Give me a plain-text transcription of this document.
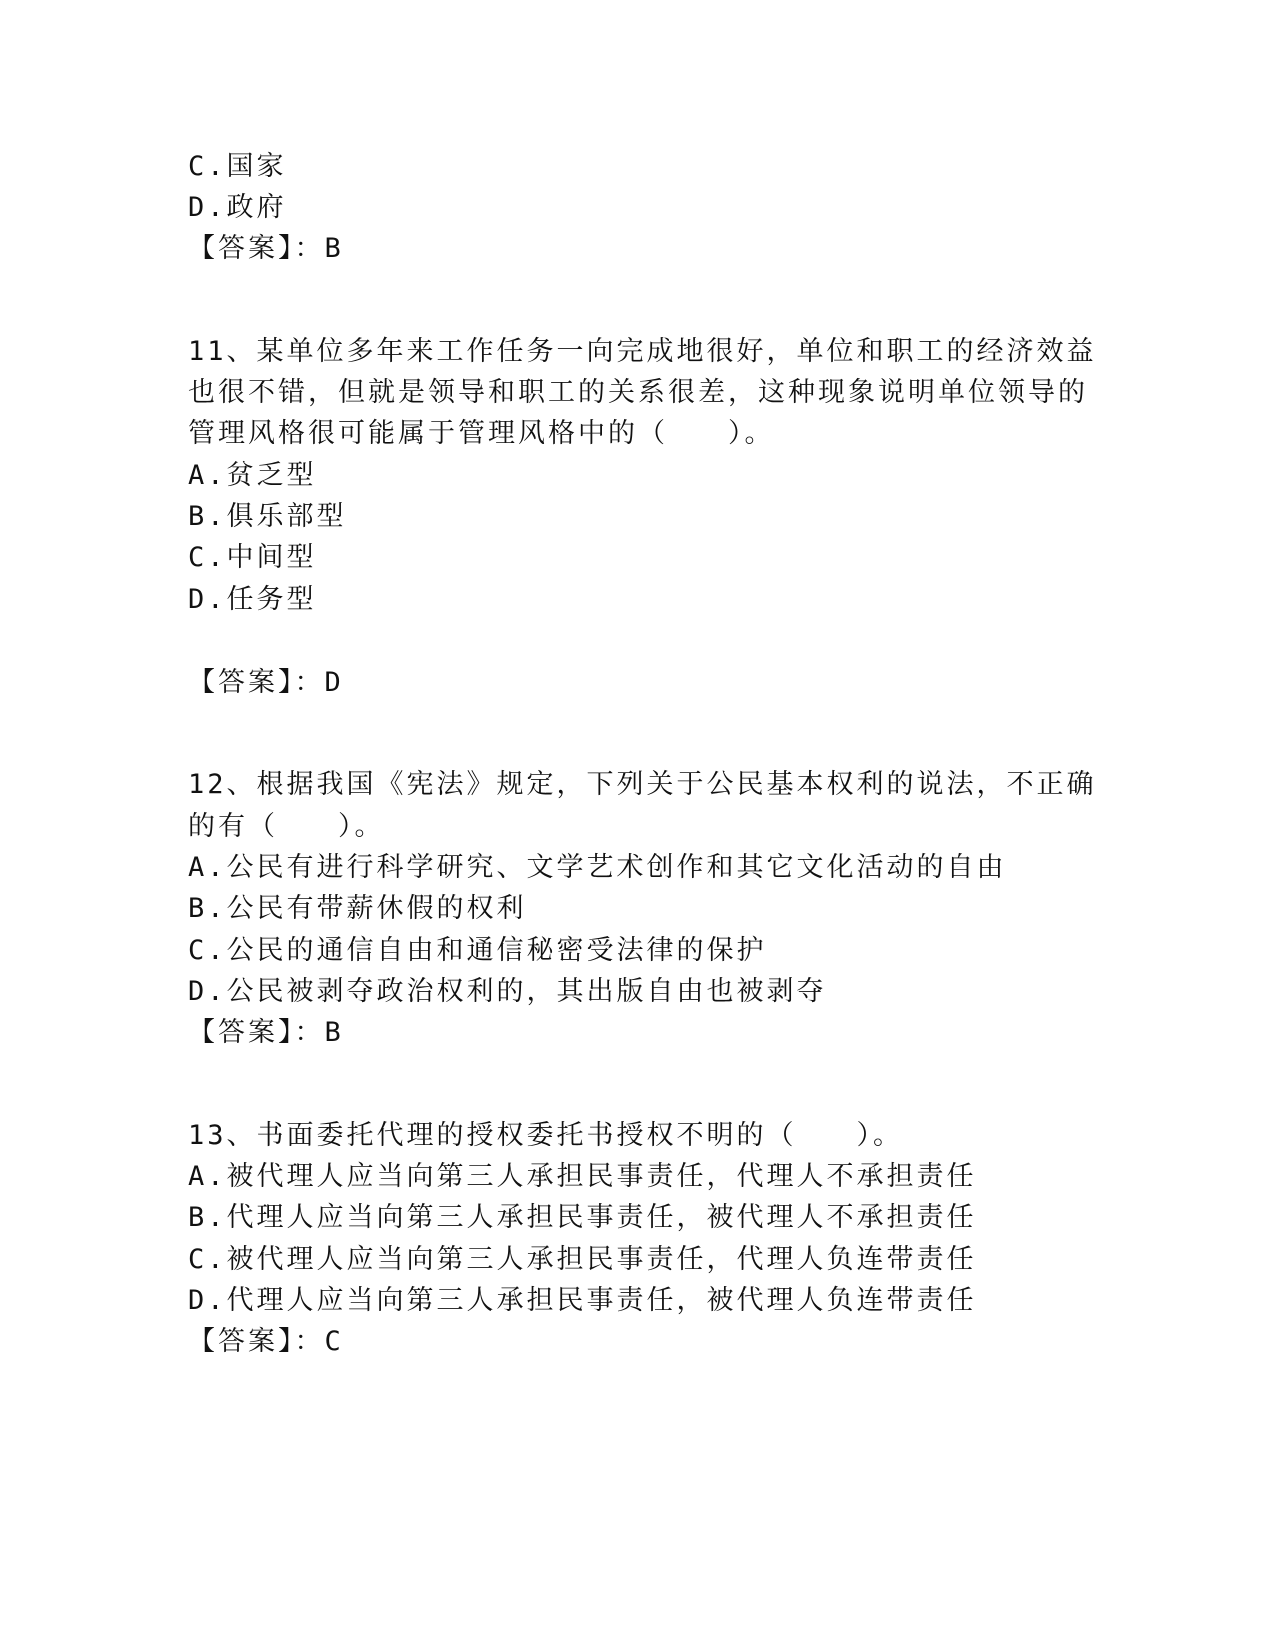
C.国家
D.政府
【答案】：B
11、某单位多年来工作任务一向完成地很好，单位和职工的经济效益
也很不错，但就是领导和职工的关系很差，这种现象说明单位领导的
管理风格很可能属于管理风格中的（　　）。
A.贫乏型
B.俱乐部型
C.中间型
D.任务型
【答案】：D
12、根据我国《宪法》规定，下列关于公民基本权利的说法，不正确
的有（　　）。
A.公民有进行科学研究、文学艺术创作和其它文化活动的自由
B.公民有带薪休假的权利
C.公民的通信自由和通信秘密受法律的保护
D.公民被剥夺政治权利的，其出版自由也被剥夺
【答案】：B
13、书面委托代理的授权委托书授权不明的（　　）。
A.被代理人应当向第三人承担民事责任，代理人不承担责任
B.代理人应当向第三人承担民事责任，被代理人不承担责任
C.被代理人应当向第三人承担民事责任，代理人负连带责任
D.代理人应当向第三人承担民事责任，被代理人负连带责任
【答案】：C
